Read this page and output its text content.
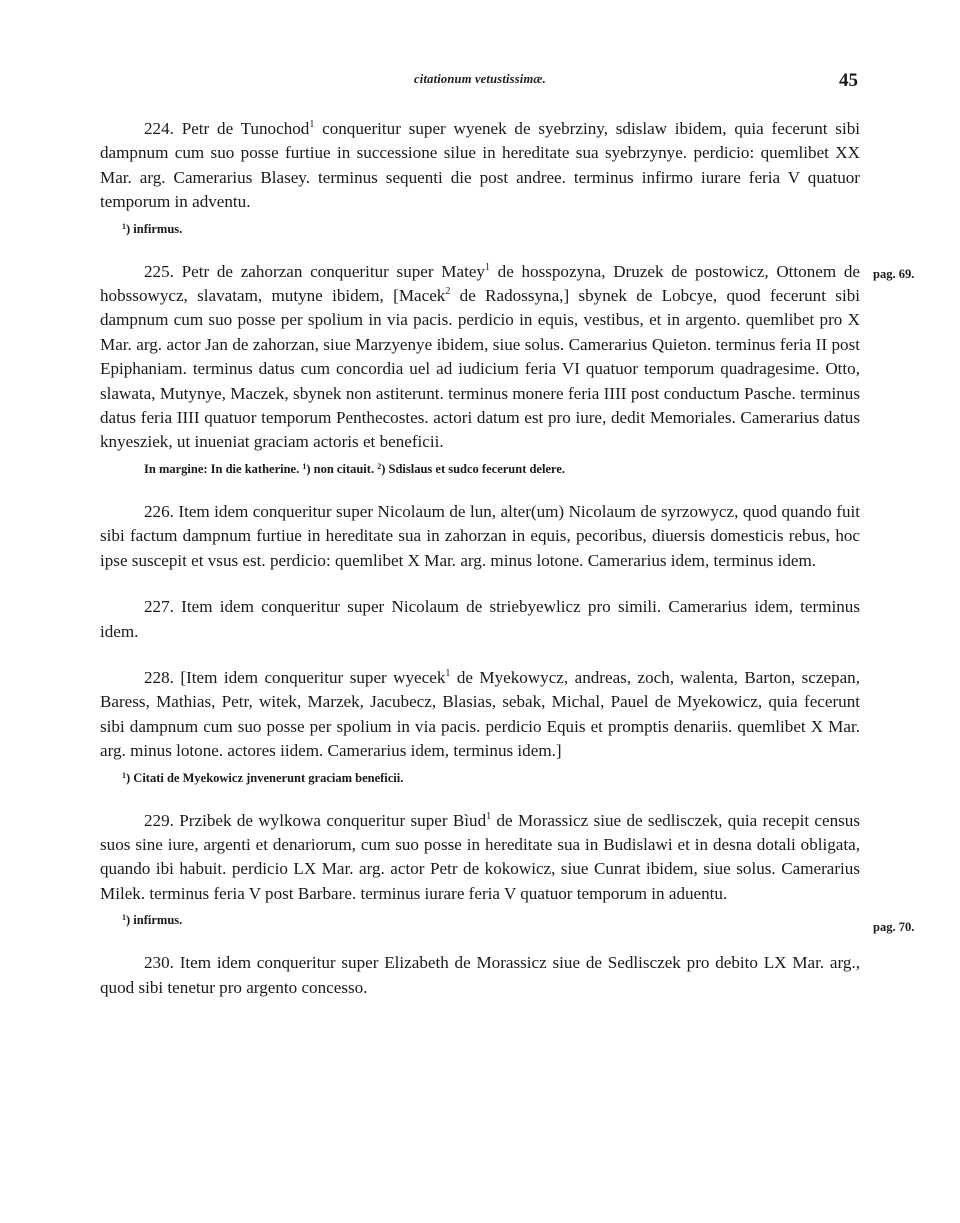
citationum vetustissimæ.	45

224. Petr de Tunochod$^1$ conqueritur super wyenek de syebrziny, sdislaw ibidem, quia fecerunt sibi dampnum cum suo posse furtiue in successione silue in hereditate sua syebrzynye. perdicio: quemlibet XX Mar. arg. Camerarius Blasey. terminus sequenti die post andree. terminus infirmo iurare feria V quatuor temporum in adventu.

$^1$) infirmus.

225. Petr de zahorzan conqueritur super Matey$^1$ de hosspozyna, Druzek de postowicz, Ottonem de hobssowycz, slavatam, mutyne ibidem, [Macek$^2$ de Radossyna,] sbynek de Lobcye, quod fecerunt sibi dampnum cum suo posse per spolium in via pacis. perdicio in equis, vestibus, et in argento. quemlibet pro X Mar. arg. actor Jan de zahorzan, siue Marzyenye ibidem, siue solus. Camerarius Quieton. terminus feria II post Epiphaniam. terminus datus cum concordia uel ad iudicium feria VI quatuor temporum quadragesime. Otto, slawata, Mutynye, Maczek, sbynek non astiterunt. terminus monere feria IIII post conductum Pasche. terminus datus feria IIII quatuor temporum Penthecostes. actori datum est pro iure, dedit Memoriales. Camerarius datus knyesziek, ut inueniat graciam actoris et beneficii.

In margine: In die katherine. $^1$) non citauit. $^2$) Sdislaus et sudco fecerunt delere.

226. Item idem conqueritur super Nicolaum de lun, alter(um) Nicolaum de syrzowycz, quod quando fuit sibi factum dampnum furtiue in hereditate sua in zahorzan in equis, pecoribus, diuersis domesticis rebus, hoc ipse suscepit et vsus est. perdicio: quemlibet X Mar. arg. minus lotone. Camerarius idem, terminus idem.

227. Item idem conqueritur super Nicolaum de striebyewlicz pro simili. Camerarius idem, terminus idem.

228. [Item idem conqueritur super wyecek$^1$ de Myekowycz, andreas, zoch, walenta, Barton, sczepan, Baress, Mathias, Petr, witek, Marzek, Jacubecz, Blasias, sebak, Michal, Pauel de Myekowicz, quia fecerunt sibi dampnum cum suo posse per spolium in via pacis. perdicio Equis et promptis denariis. quemlibet X Mar. arg. minus lotone. actores iidem. Camerarius idem, terminus idem.]

$^1$) Citati de Myekowicz jnvenerunt graciam beneficii.

229. Przibek de wylkowa conqueritur super Bìud$^1$ de Morassicz siue de sedlisczek, quia recepit census suos sine iure, argenti et denariorum, cum suo posse in hereditate sua in Budislawi et in desna dotali obligata, quando ibi habuit. perdicio LX Mar. arg. actor Petr de kokowicz, siue Cunrat ibidem, siue solus. Camerarius Milek. terminus feria V post Barbare. terminus iurare feria V quatuor temporum in aduentu.

$^1$) infirmus.

230. Item idem conqueritur super Elizabeth de Morassicz siue de Sedlisczek pro debito LX Mar. arg., quod sibi tenetur pro argento concesso.

pag. 69.
pag. 70.
